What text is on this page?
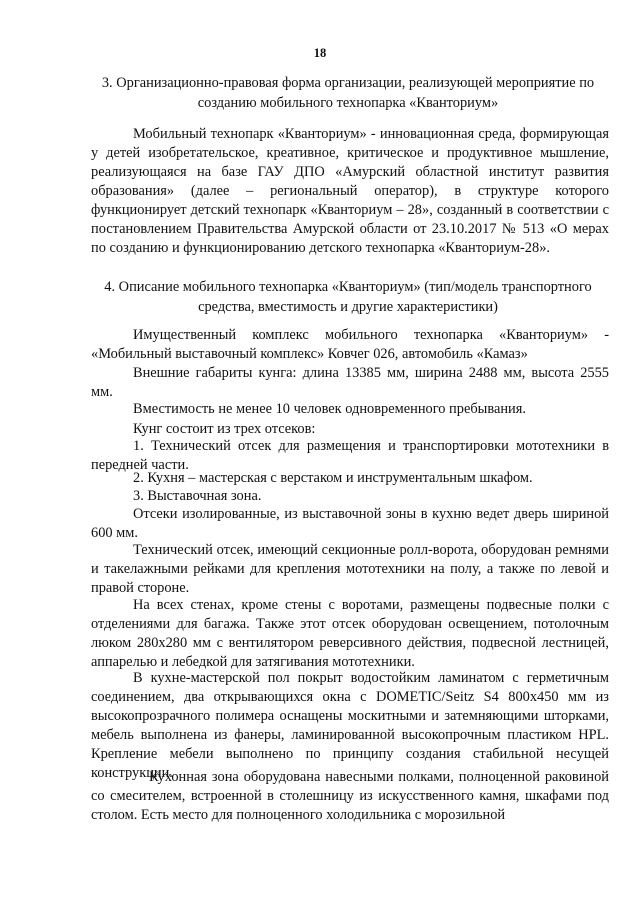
18
3. Организационно-правовая форма организации, реализующей мероприятие по созданию мобильного технопарка «Кванториум»
Мобильный технопарк «Кванториум» - инновационная среда, формирующая у детей изобретательское, креативное, критическое и продуктивное мышление, реализующаяся на базе ГАУ ДПО «Амурский областной институт развития образования» (далее – региональный оператор), в структуре которого функционирует детский технопарк «Кванториум – 28», созданный в соответствии с постановлением Правительства Амурской области от 23.10.2017 № 513 «О мерах по созданию и функционированию детского технопарка «Кванториум-28».
4. Описание мобильного технопарка «Кванториум» (тип/модель транспортного средства, вместимость и другие характеристики)
Имущественный комплекс мобильного технопарка «Кванториум» - «Мобильный выставочный комплекс» Ковчег 026, автомобиль «Камаз»
Внешние габариты кунга: длина 13385 мм, ширина 2488 мм, высота 2555 мм.
Вместимость не менее 10 человек одновременного пребывания.
Кунг состоит из трех отсеков:
1. Технический отсек для размещения и транспортировки мототехники в передней части.
2. Кухня – мастерская с верстаком и инструментальным шкафом.
3. Выставочная зона.
Отсеки изолированные, из выставочной зоны в кухню ведет дверь шириной 600 мм.
Технический отсек, имеющий секционные ролл-ворота, оборудован ремнями и такелажными рейками для крепления мототехники на полу, а также по левой и правой стороне.
На всех стенах, кроме стены с воротами, размещены подвесные полки с отделениями для багажа. Также этот отсек оборудован освещением, потолочным люком 280х280 мм с вентилятором реверсивного действия, подвесной лестницей, аппарелью и лебедкой для затягивания мототехники.
В кухне-мастерской пол покрыт водостойким ламинатом с герметичным соединением, два открывающихся окна с DOMETIC/Seitz S4 800х450 мм из высокопрозрачного полимера оснащены москитными и затемняющими шторками, мебель выполнена из фанеры, ламинированной высокопрочным пластиком HPL. Крепление мебели выполнено по принципу создания стабильной несущей конструкции.
Кухонная зона оборудована навесными полками, полноценной раковиной со смесителем, встроенной в столешницу из искусственного камня, шкафами под столом. Есть место для полноценного холодильника с морозильной
